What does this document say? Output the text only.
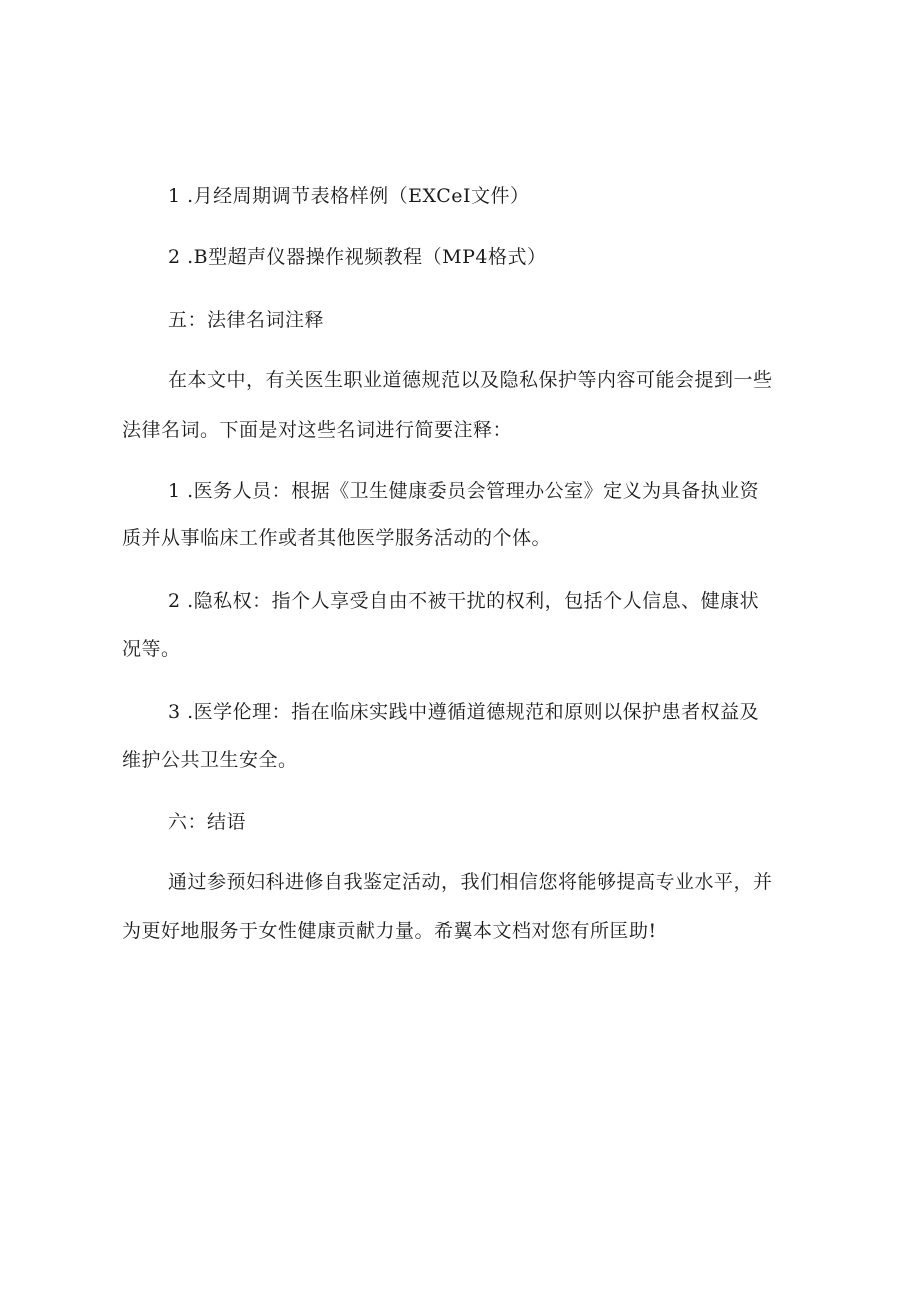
1 .月经周期调节表格样例（EXCeI文件）
2 .B型超声仪器操作视频教程（MP4格式）
五：法律名词注释
在本文中，有关医生职业道德规范以及隐私保护等内容可能会提到一些
法律名词。下面是对这些名词进行简要注释：
1 .医务人员：根据《卫生健康委员会管理办公室》定义为具备执业资
质并从事临床工作或者其他医学服务活动的个体。
2 .隐私权：指个人享受自由不被干扰的权利，包括个人信息、健康状
况等。
3 .医学伦理：指在临床实践中遵循道德规范和原则以保护患者权益及
维护公共卫生安全。
六：结语
通过参预妇科进修自我鉴定活动，我们相信您将能够提高专业水平，并
为更好地服务于女性健康贡献力量。希翼本文档对您有所匡助!
